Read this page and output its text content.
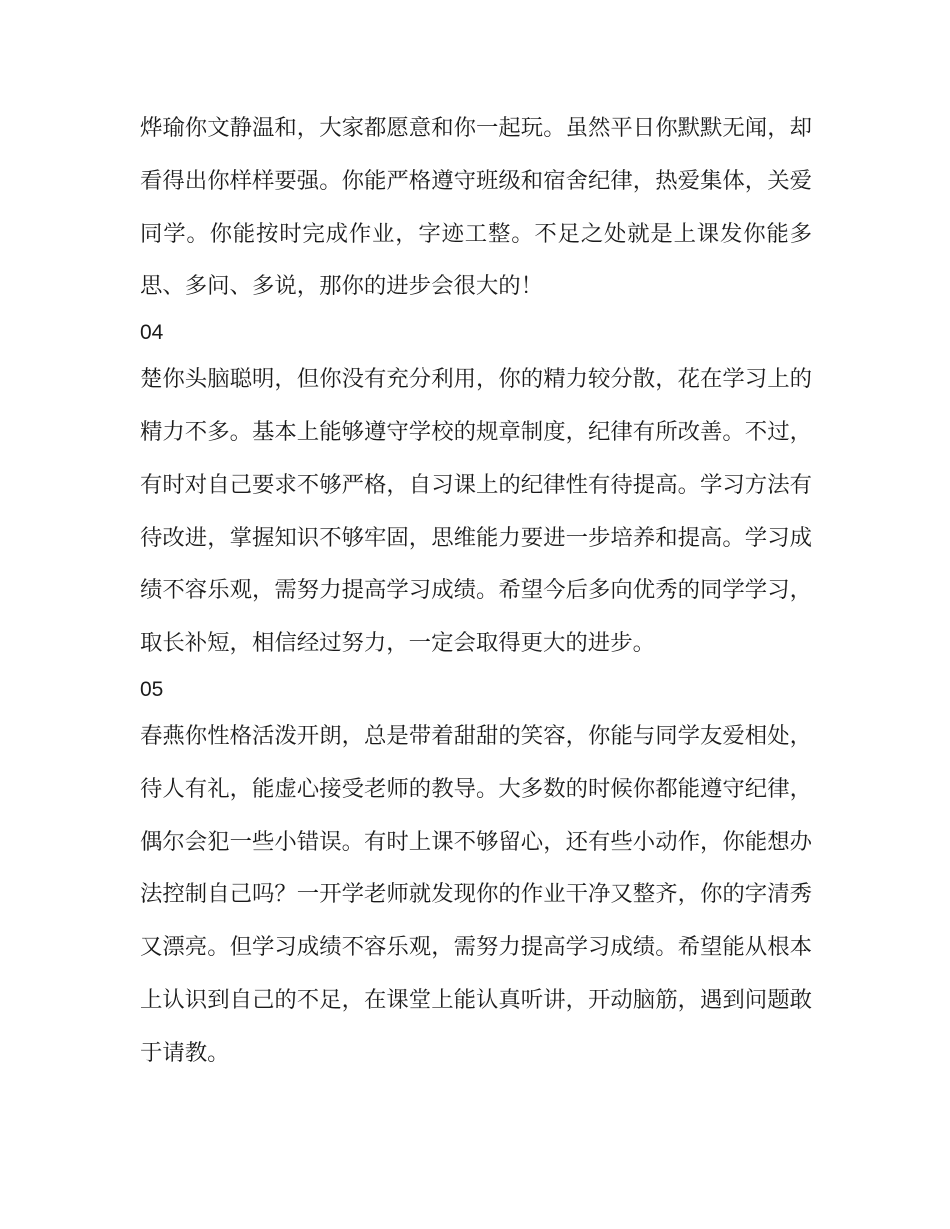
烨瑜你文静温和，大家都愿意和你一起玩。虽然平日你默默无闻，却看得出你样样要强。你能严格遵守班级和宿舍纪律，热爱集体，关爱同学。你能按时完成作业，字迹工整。不足之处就是上课发你能多思、多问、多说，那你的进步会很大的！

04

楚你头脑聪明，但你没有充分利用，你的精力较分散，花在学习上的精力不多。基本上能够遵守学校的规章制度，纪律有所改善。不过，有时对自己要求不够严格，自习课上的纪律性有待提高。学习方法有待改进，掌握知识不够牢固，思维能力要进一步培养和提高。学习成绩不容乐观，需努力提高学习成绩。希望今后多向优秀的同学学习，取长补短，相信经过努力，一定会取得更大的进步。

05

春燕你性格活泼开朗，总是带着甜甜的笑容，你能与同学友爱相处，待人有礼，能虚心接受老师的教导。大多数的时候你都能遵守纪律，偶尔会犯一些小错误。有时上课不够留心，还有些小动作，你能想办法控制自己吗？一开学老师就发现你的作业干净又整齐，你的字清秀又漂亮。但学习成绩不容乐观，需努力提高学习成绩。希望能从根本上认识到自己的不足，在课堂上能认真听讲，开动脑筋，遇到问题敢于请教。
